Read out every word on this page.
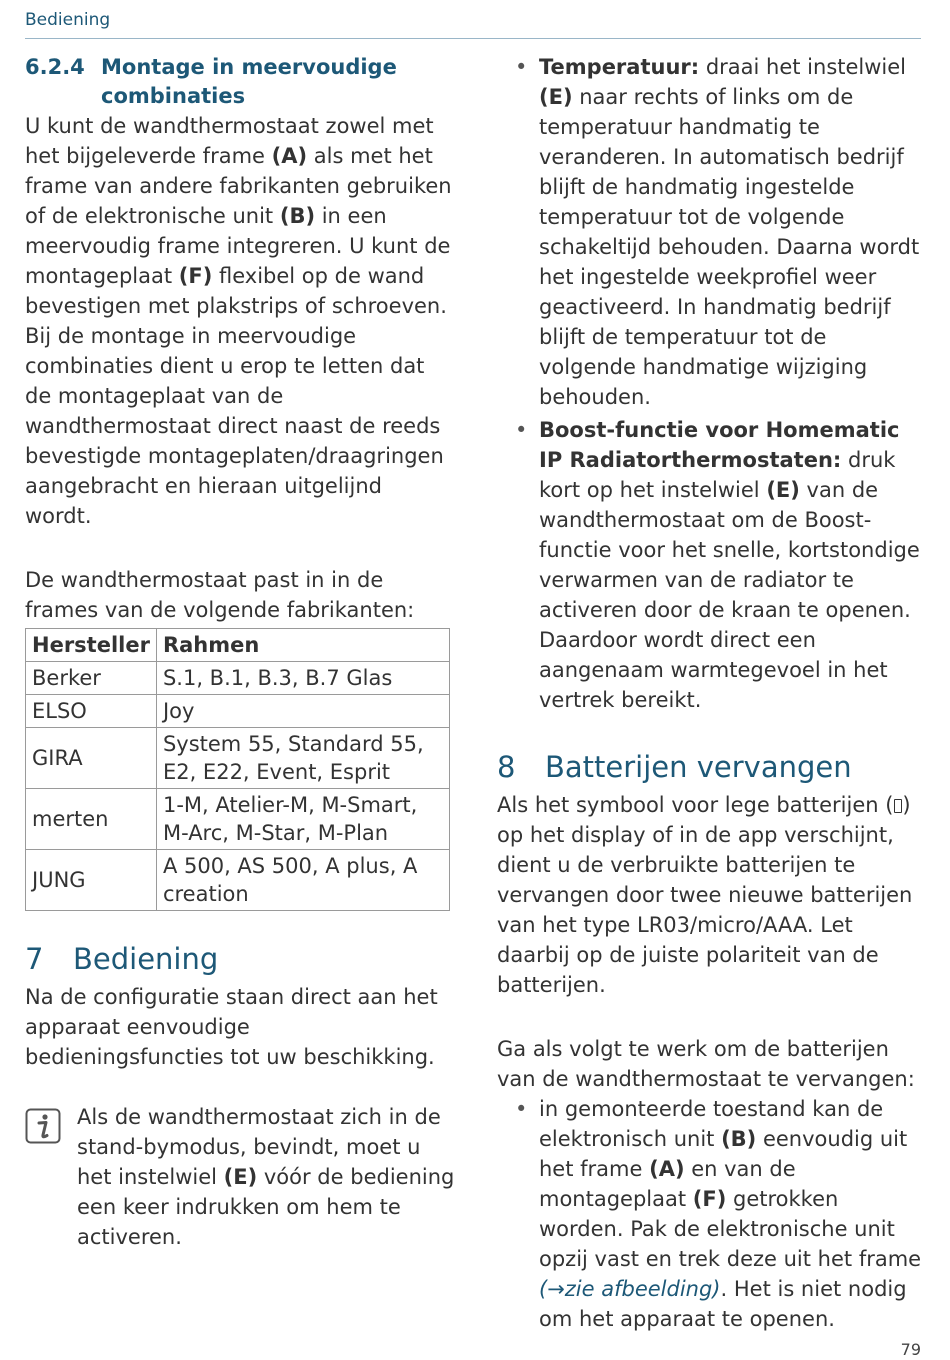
Bediening
6.2.4 Montage in meervoudige combinaties

U kunt de wandthermostaat zowel met het bijgeleverde frame (A) als met het frame van andere fabrikanten gebruiken of de elektronische unit (B) in een meervoudig frame integreren. U kunt de montageplaat (F) flexibel op de wand bevestigen met plakstrips of schroeven. Bij de montage in meervoudige combinaties dient u erop te letten dat de montageplaat van de wandthermostaat direct naast de reeds bevestigde montageplaten/draagringen aangebracht en hieraan uitgelijnd wordt.

De wandthermostaat past in in de frames van de volgende fabrikanten:

Hersteller	Rahmen
Berker	S.1, B.1, B.3, B.7 Glas
ELSO	Joy
GIRA	System 55, Standard 55, E2, E22, Event, Esprit
merten	1-M, Atelier-M, M-Smart, M-Arc, M-Star, M-Plan
JUNG	A 500, AS 500, A plus, A creation
7	Bediening

Na de configuratie staan direct aan het apparaat eenvoudige bedieningsfuncties tot uw beschikking.

Als de wandthermostaat zich in de stand-bymodus, bevindt, moet u het instelwiel (E) vóór de bediening een keer indrukken om hem te activeren.

• Temperatuur: draai het instelwiel (E) naar rechts of links om de temperatuur handmatig te veranderen. In automatisch bedrijf blijft de handmatig ingestelde temperatuur tot de volgende schakeltijd behouden. Daarna wordt het ingestelde weekprofiel weer geactiveerd. In handmatig bedrijf blijft de temperatuur tot de volgende handmatige wijziging behouden.
• Boost-functie voor Homematic IP Radiatorthermostaten: druk kort op het instelwiel (E) van de wandthermostaat om de Boost-functie voor het snelle, kortstondige verwarmen van de radiator te activeren door de kraan te openen. Daardoor wordt direct een aangenaam warmtegevoel in het vertrek bereikt.
8	Batterijen vervangen

Als het symbool voor lege batterijen ( ) op het display of in de app verschijnt, dient u de verbruikte batterijen te vervangen door twee nieuwe batterijen van het type LR03/micro/AAA. Let daarbij op de juiste polariteit van de batterijen.

Ga als volgt te werk om de batterijen van de wandthermostaat te vervangen:

• in gemonteerde toestand kan de elektronisch unit (B) eenvoudig uit het frame (A) en van de montageplaat (F) getrokken worden. Pak de elektronische unit opzij vast en trek deze uit het frame (→zie afbeelding). Het is niet nodig om het apparaat te openen.
79
